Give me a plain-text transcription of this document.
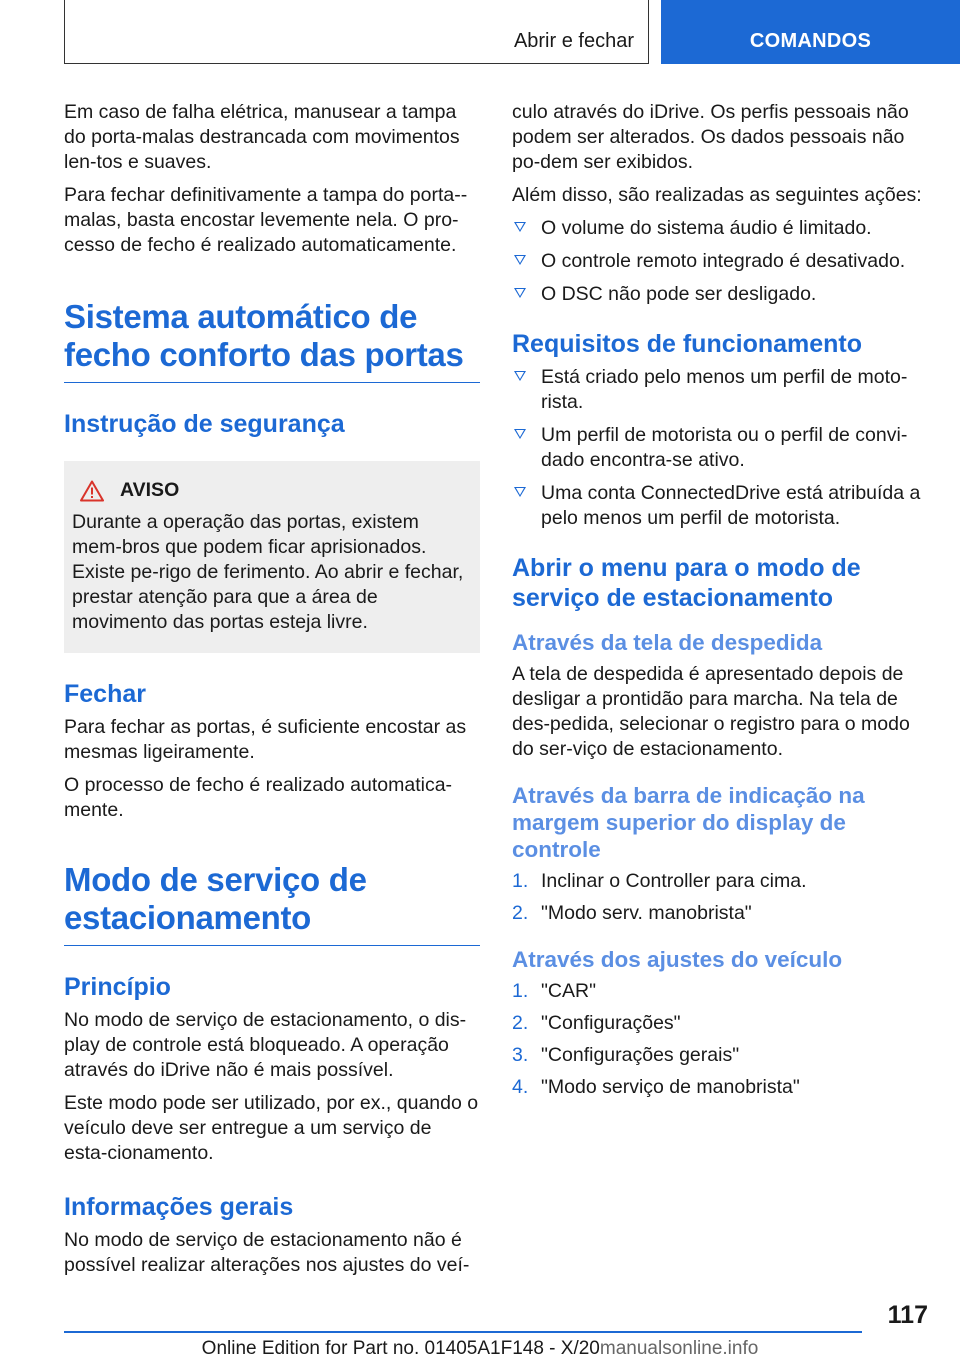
Abrir e fechar	COMANDOS

Em caso de falha elétrica, manusear a tampa do porta-malas destrancada com movimentos len-tos e suaves.

Para fechar definitivamente a tampa do porta--malas, basta encostar levemente nela. O pro-cesso de fecho é realizado automaticamente.

Sistema automático de fecho conforto das portas
Instrução de segurança
AVISO

Durante a operação das portas, existem mem-bros que podem ficar aprisionados. Existe pe-rigo de ferimento. Ao abrir e fechar, prestar atenção para que a área de movimento das portas esteja livre.

Fechar

Para fechar as portas, é suficiente encostar as mesmas ligeiramente.

O processo de fecho é realizado automatica-mente.

Modo de serviço de estacionamento
Princípio

No modo de serviço de estacionamento, o dis-play de controle está bloqueado. A operação através do iDrive não é mais possível.

Este modo pode ser utilizado, por ex., quando o veículo deve ser entregue a um serviço de esta-cionamento.

Informações gerais

No modo de serviço de estacionamento não é possível realizar alterações nos ajustes do veí-

culo através do iDrive. Os perfis pessoais não podem ser alterados. Os dados pessoais não po-dem ser exibidos.

Além disso, são realizadas as seguintes ações:

O volume do sistema áudio é limitado.
O controle remoto integrado é desativado.
O DSC não pode ser desligado.
Requisitos de funcionamento
Está criado pelo menos um perfil de moto-rista.
Um perfil de motorista ou o perfil de convi-dado encontra-se ativo.
Uma conta ConnectedDrive está atribuída a pelo menos um perfil de motorista.
Abrir o menu para o modo de serviço de estacionamento
Através da tela de despedida

A tela de despedida é apresentado depois de desligar a prontidão para marcha. Na tela de des-pedida, selecionar o registro para o modo do ser-viço de estacionamento.

Através da barra de indicação na margem superior do display de controle
1. Inclinar o Controller para cima.
2. "Modo serv. manobrista"
Através dos ajustes do veículo
1. "CAR"
2. "Configurações"
3. "Configurações gerais"
4. "Modo serviço de manobrista"
117
Online Edition for Part no. 01405A1F148 - X/20manualsonline.info
